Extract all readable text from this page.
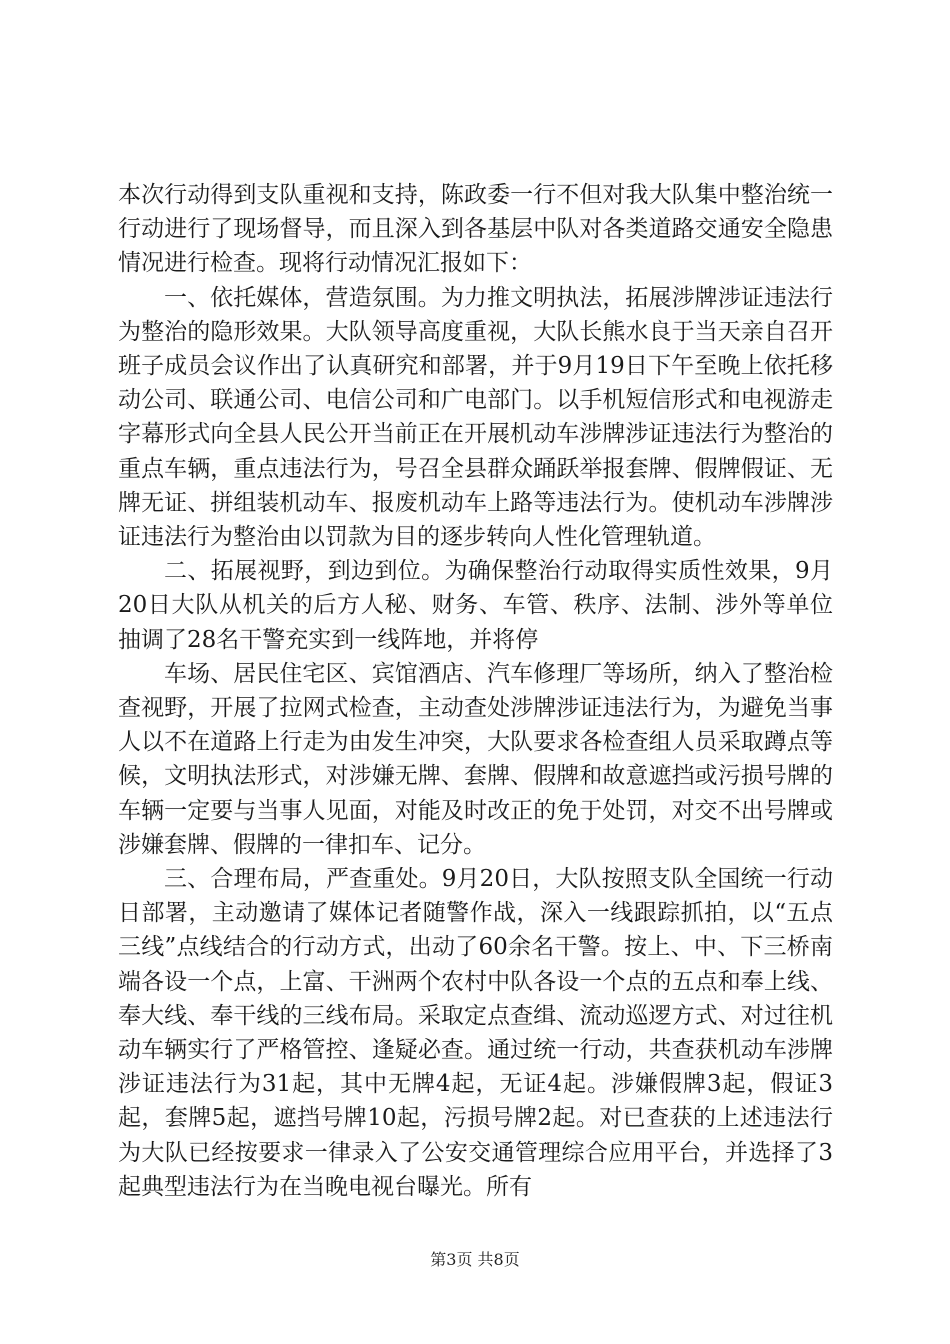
本次行动得到支队重视和支持，陈政委一行不但对我大队集中整治统一行动进行了现场督导，而且深入到各基层中队对各类道路交通安全隐患情况进行检查。现将行动情况汇报如下：

一、依托媒体，营造氛围。为力推文明执法，拓展涉牌涉证违法行为整治的隐形效果。大队领导高度重视，大队长熊水良于当天亲自召开班子成员会议作出了认真研究和部署，并于9月19日下午至晚上依托移动公司、联通公司、电信公司和广电部门。以手机短信形式和电视游走字幕形式向全县人民公开当前正在开展机动车涉牌涉证违法行为整治的重点车辆，重点违法行为，号召全县群众踊跃举报套牌、假牌假证、无牌无证、拼组装机动车、报废机动车上路等违法行为。使机动车涉牌涉证违法行为整治由以罚款为目的逐步转向人性化管理轨道。

二、拓展视野，到边到位。为确保整治行动取得实质性效果，9月20日大队从机关的后方人秘、财务、车管、秩序、法制、涉外等单位抽调了28名干警充实到一线阵地，并将停

车场、居民住宅区、宾馆酒店、汽车修理厂等场所，纳入了整治检查视野，开展了拉网式检查，主动查处涉牌涉证违法行为，为避免当事人以不在道路上行走为由发生冲突，大队要求各检查组人员采取蹲点等候，文明执法形式，对涉嫌无牌、套牌、假牌和故意遮挡或污损号牌的车辆一定要与当事人见面，对能及时改正的免于处罚，对交不出号牌或涉嫌套牌、假牌的一律扣车、记分。

三、合理布局，严查重处。9月20日，大队按照支队全国统一行动日部署，主动邀请了媒体记者随警作战，深入一线跟踪抓拍，以“五点三线”点线结合的行动方式，出动了60余名干警。按上、中、下三桥南端各设一个点，上富、干洲两个农村中队各设一个点的五点和奉上线、奉大线、奉干线的三线布局。采取定点查缉、流动巡逻方式、对过往机动车辆实行了严格管控、逢疑必查。通过统一行动，共查获机动车涉牌涉证违法行为31起，其中无牌4起，无证4起。涉嫌假牌3起，假证3起，套牌5起，遮挡号牌10起，污损号牌2起。对已查获的上述违法行为大队已经按要求一律录入了公安交通管理综合应用平台，并选择了3起典型违法行为在当晚电视台曝光。所有

第3页 共8页
